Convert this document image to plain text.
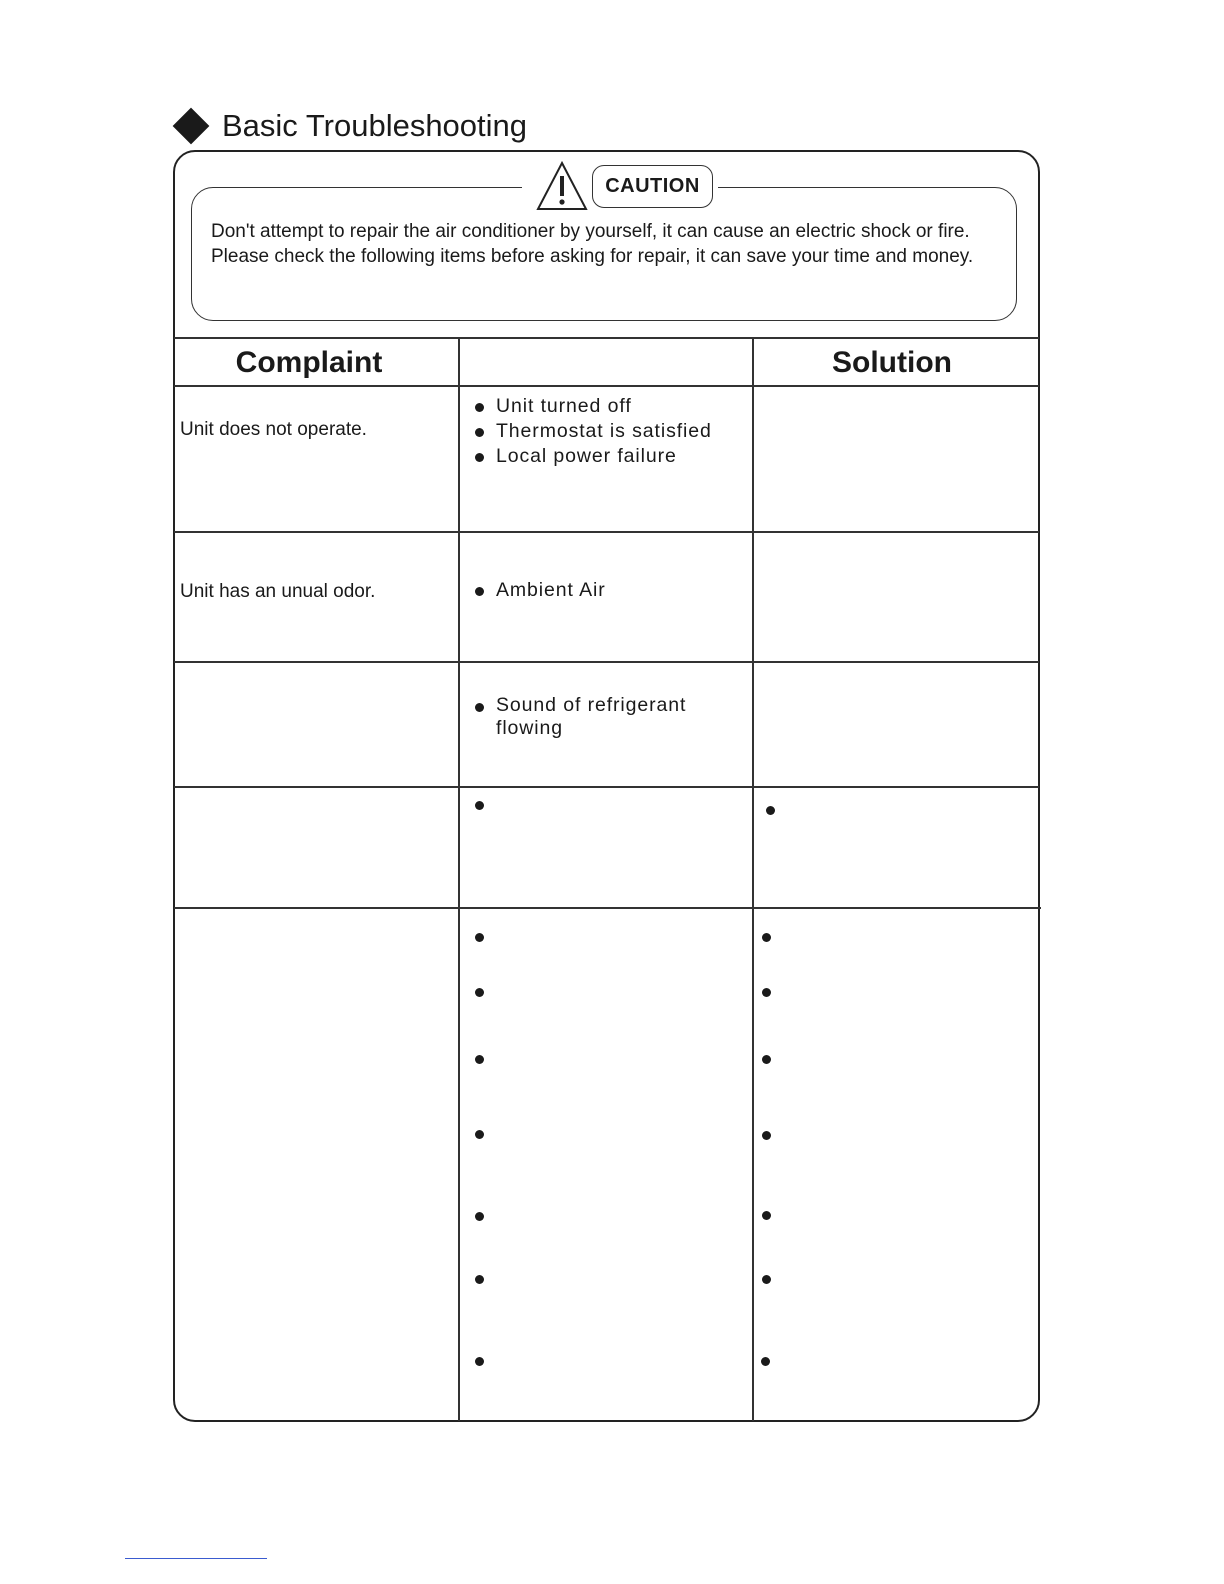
Basic Troubleshooting
CAUTION
Don't attempt to repair the air conditioner by yourself, it can cause an electric shock or fire. Please check the following items before asking for repair, it can save your time and money.
Complaint	Solution
Unit does not operate.
Unit turned off
Thermostat is satisfied
Local power failure
Unit has an unual odor.	Ambient Air
Sound of refrigerant flowing
